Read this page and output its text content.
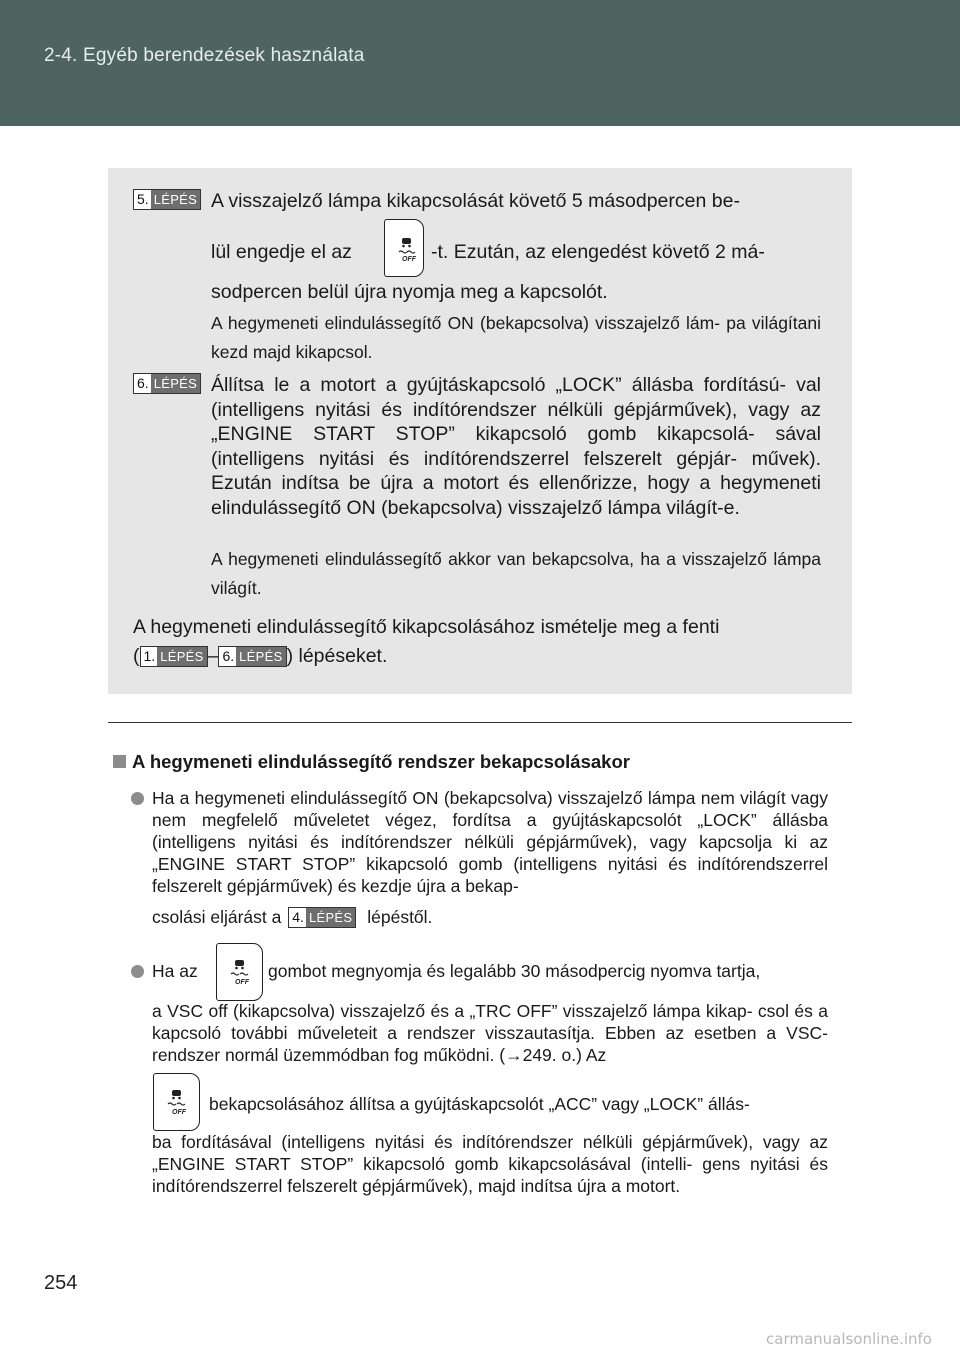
2-4. Egyéb berendezések használata
5. LÉPÉS A visszajelző lámpa kikapcsolását követő 5 másodpercen be-
lül engedje el az	OFF -t. Ezután, az elengedést követő 2 má-
sodpercen belül újra nyomja meg a kapcsolót.
A hegymeneti elindulássegítő ON (bekapcsolva) visszajelző lám- pa világítani kezd majd kikapcsol.
6. LÉPÉS Állítsa le a motort a gyújtáskapcsoló „LOCK” állásba fordítású- val (intelligens nyitási és indítórendszer nélküli gépjárművek), vagy az „ENGINE START STOP” kikapcsoló gomb kikapcsolá- sával (intelligens nyitási és indítórendszerrel felszerelt gépjár- művek). Ezután indítsa be újra a motort és ellenőrizze, hogy a hegymeneti elindulássegítő ON (bekapcsolva) visszajelző lámpa világít-e.
A hegymeneti elindulássegítő akkor van bekapcsolva, ha a visszajelző lámpa világít.
A hegymeneti elindulássegítő kikapcsolásához ismételje meg a fenti
( 1. LÉPÉS – 6. LÉPÉS ) lépéseket.
A hegymeneti elindulássegítő rendszer bekapcsolásakor
Ha a hegymeneti elindulássegítő ON (bekapcsolva) visszajelző lámpa nem világít vagy nem megfelelő műveletet végez, fordítsa a gyújtáskapcsolót „LOCK” állásba (intelligens nyitási és indítórendszer nélküli gépjárművek), vagy kapcsolja ki az „ENGINE START STOP” kikapcsoló gomb (intelligens nyitási és indítórendszerrel felszerelt gépjárművek) és kezdje újra a bekap-
csolási eljárást a 4. LÉPÉS lépéstől.
Ha az
OFF
gombot megnyomja és legalább 30 másodpercig nyomva tartja,
a VSC off (kikapcsolva) visszajelző és a „TRC OFF” visszajelző lámpa kikap- csol és a kapcsoló további műveleteit a rendszer visszautasítja. Ebben az esetben a VSC-rendszer normál üzemmódban fog működni. (→249. o.) Az
OFF bekapcsolásához állítsa a gyújtáskapcsolót „ACC” vagy „LOCK” állás-
ba fordításával (intelligens nyitási és indítórendszer nélküli gépjárművek), vagy az „ENGINE START STOP” kikapcsoló gomb kikapcsolásával (intelli- gens nyitási és indítórendszerrel felszerelt gépjárművek), majd indítsa újra a motort.
254
carmanualsonline.info
